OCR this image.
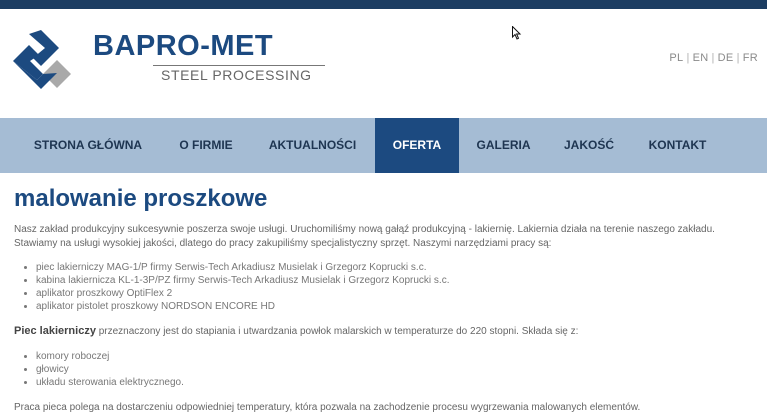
BAPRO-MET
STEEL PROCESSING
PL | EN | DE | FR
STRONA GŁÓWNA	O FIRMIE	AKTUALNOŚCI	OFERTA	GALERIA	JAKOŚĆ	KONTAKT
malowanie proszkowe

Nasz zakład produkcyjny sukcesywnie poszerza swoje usługi. Uruchomiliśmy nową gałąź produkcyjną - lakiernię. Lakiernia działa na terenie naszego zakładu. Stawiamy na usługi wysokiej jakości, dlatego do pracy zakupiliśmy specjalistyczny sprzęt. Naszymi narzędziami pracy są:

• piec lakierniczy MAG-1/P firmy Serwis-Tech Arkadiusz Musielak i Grzegorz Koprucki s.c.
• kabina lakiernicza KL-1-3P/PZ firmy Serwis-Tech Arkadiusz Musielak i Grzegorz Koprucki s.c.
• aplikator proszkowy OptiFlex 2
• aplikator pistolet proszkowy NORDSON ENCORE HD

Piec lakierniczy przeznaczony jest do stapiania i utwardzania powłok malarskich w temperaturze do 220 stopni. Składa się z:

• komory roboczej
• głowicy
• układu sterowania elektrycznego.

Praca pieca polega na dostarczeniu odpowiedniej temperatury, która pozwala na zachodzenie procesu wygrzewania malowanych elementów.
